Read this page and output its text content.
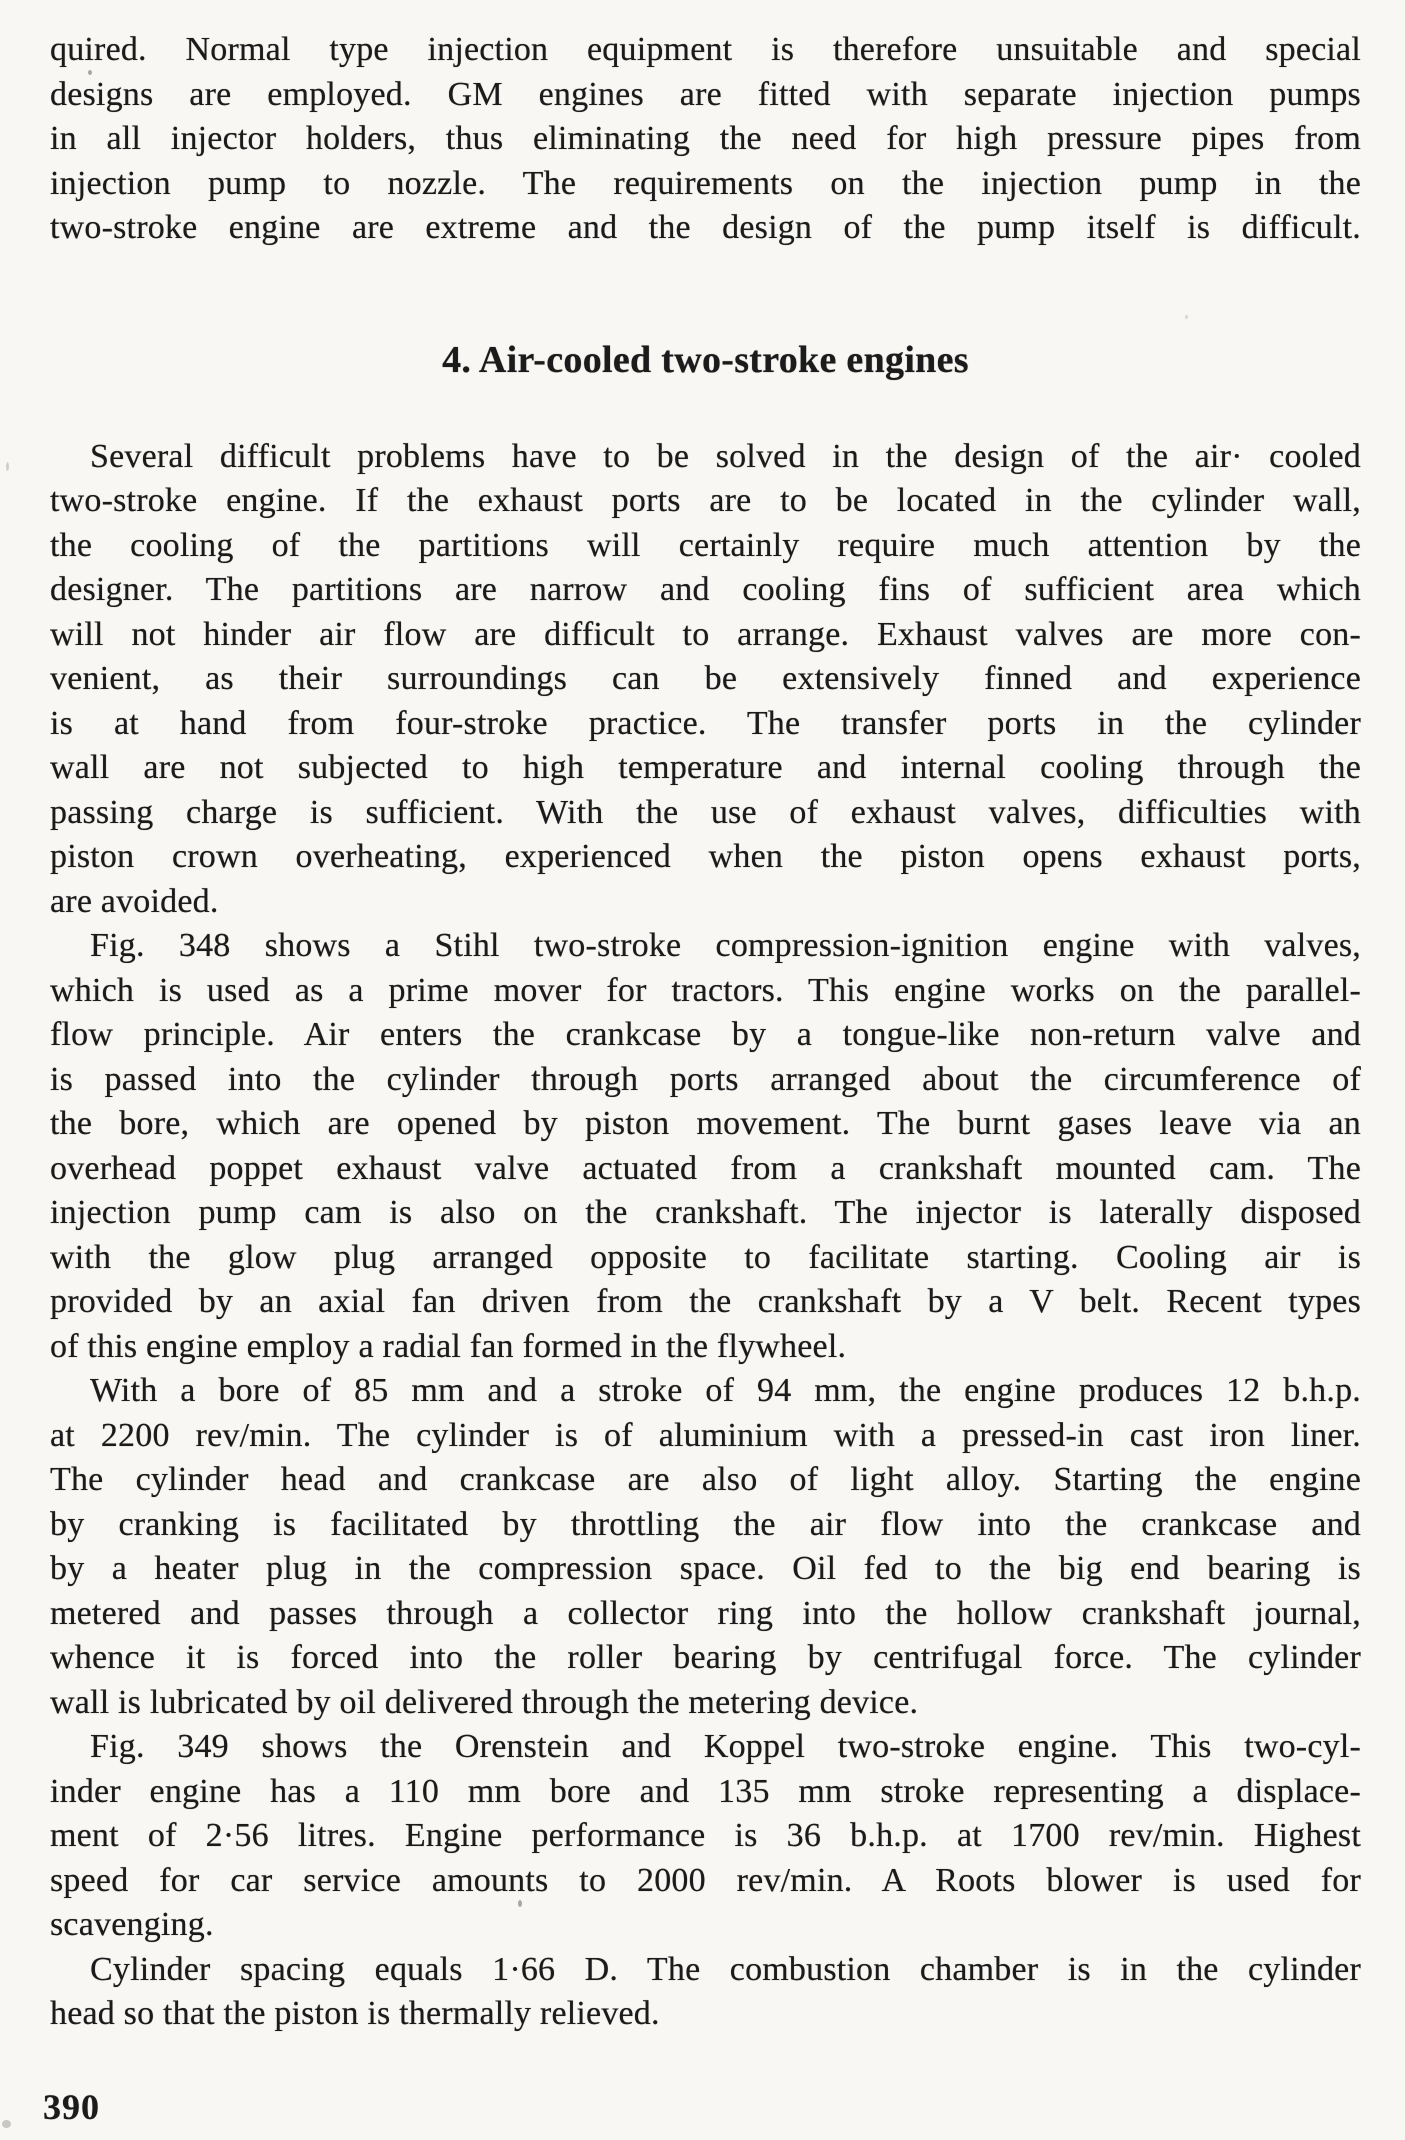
quired. Normal type injection equipment is therefore unsuitable and special
designs are employed. GM engines are fitted with separate injection pumps
in all injector holders, thus eliminating the need for high pressure pipes from
injection pump to nozzle. The requirements on the injection pump in the
two-stroke engine are extreme and the design of the pump itself is difficult.
4. Air-cooled two-stroke engines
Several difficult problems have to be solved in the design of the air· cooled
two-stroke engine. If the exhaust ports are to be located in the cylinder wall,
the cooling of the partitions will certainly require much attention by the
designer. The partitions are narrow and cooling fins of sufficient area which
will not hinder air flow are difficult to arrange. Exhaust valves are more con-
venient, as their surroundings can be extensively finned and experience
is at hand from four-stroke practice. The transfer ports in the cylinder
wall are not subjected to high temperature and internal cooling through the
passing charge is sufficient. With the use of exhaust valves, difficulties with
piston crown overheating, experienced when the piston opens exhaust ports,
are avoided.
Fig. 348 shows a Stihl two-stroke compression-ignition engine with valves,
which is used as a prime mover for tractors. This engine works on the parallel-
flow principle. Air enters the crankcase by a tongue-like non-return valve and
is passed into the cylinder through ports arranged about the circumference of
the bore, which are opened by piston movement. The burnt gases leave via an
overhead poppet exhaust valve actuated from a crankshaft mounted cam. The
injection pump cam is also on the crankshaft. The injector is laterally disposed
with the glow plug arranged opposite to facilitate starting. Cooling air is
provided by an axial fan driven from the crankshaft by a V belt. Recent types
of this engine employ a radial fan formed in the flywheel.
With a bore of 85 mm and a stroke of 94 mm, the engine produces 12 b.h.p.
at 2200 rev/min. The cylinder is of aluminium with a pressed-in cast iron liner.
The cylinder head and crankcase are also of light alloy. Starting the engine
by cranking is facilitated by throttling the air flow into the crankcase and
by a heater plug in the compression space. Oil fed to the big end bearing is
metered and passes through a collector ring into the hollow crankshaft journal,
whence it is forced into the roller bearing by centrifugal force. The cylinder
wall is lubricated by oil delivered through the metering device.
Fig. 349 shows the Orenstein and Koppel two-stroke engine. This two-cyl-
inder engine has a 110 mm bore and 135 mm stroke representing a displace-
ment of 2·56 litres. Engine performance is 36 b.h.p. at 1700 rev/min. Highest
speed for car service amounts to 2000 rev/min. A Roots blower is used for
scavenging.
Cylinder spacing equals 1·66 D. The combustion chamber is in the cylinder
head so that the piston is thermally relieved.
390
